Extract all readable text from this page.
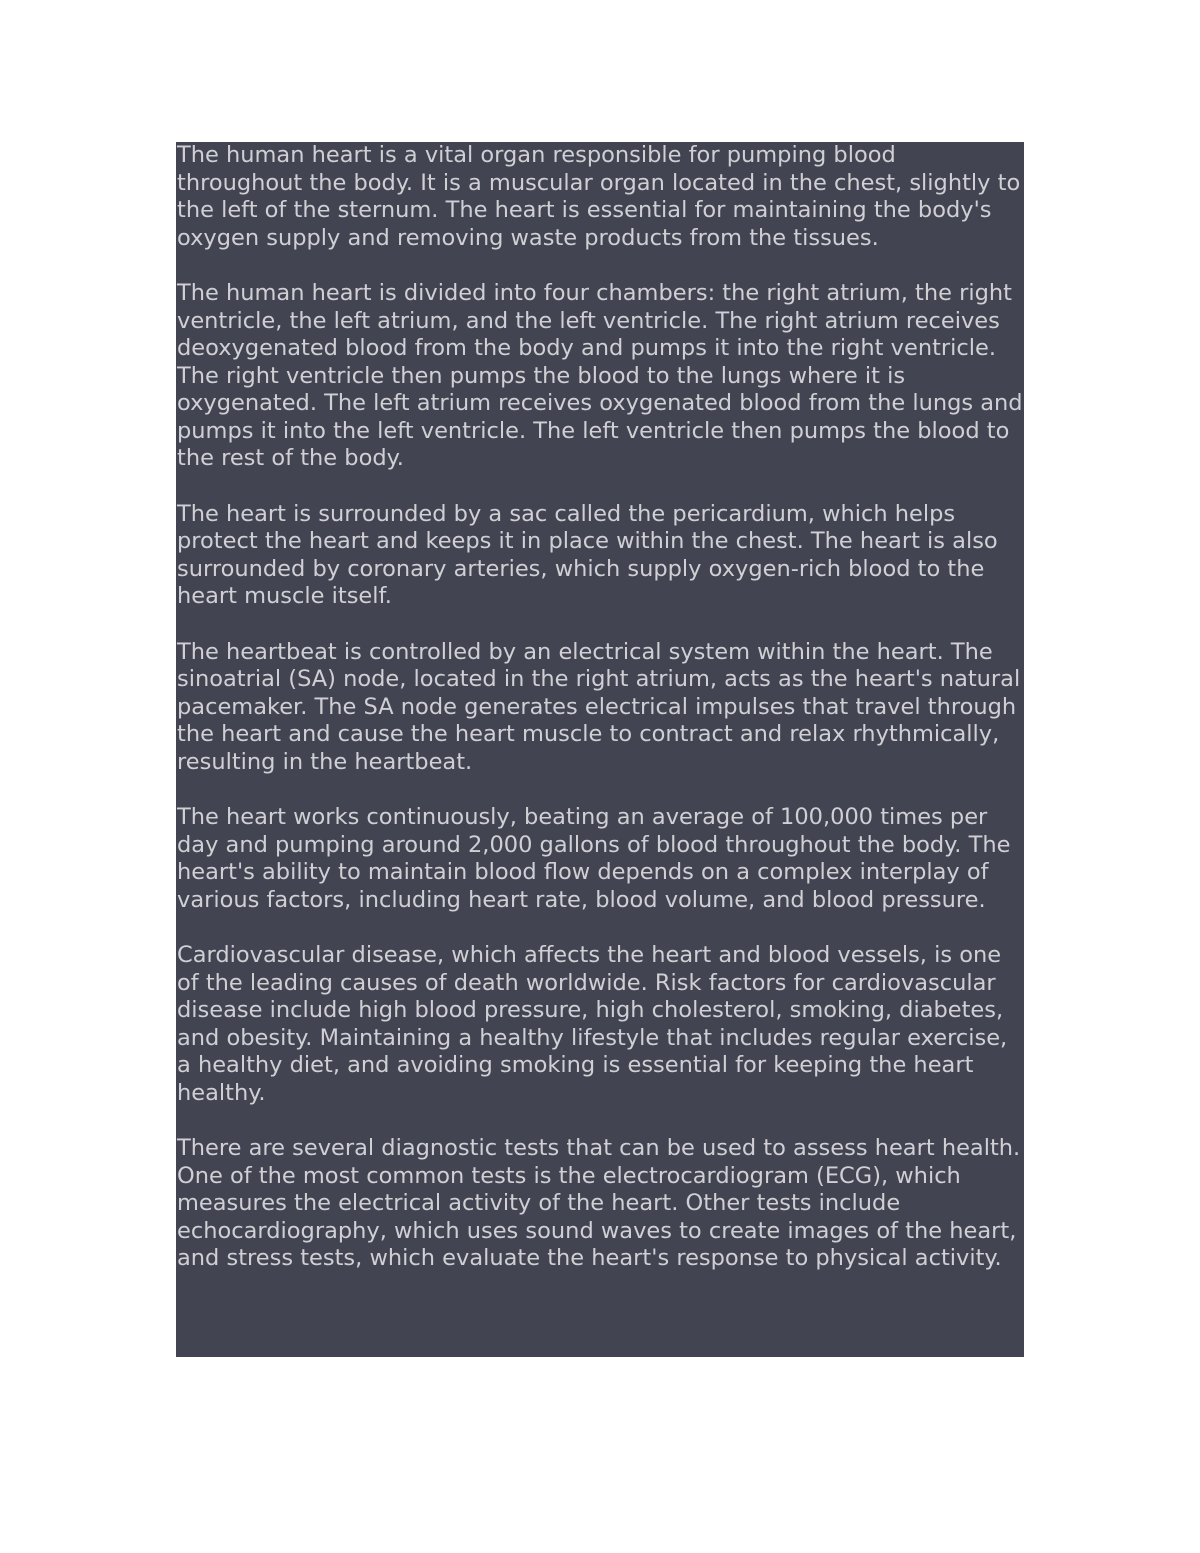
The human heart is a vital organ responsible for pumping blood throughout the body. It is a muscular organ located in the chest, slightly to the left of the sternum. The heart is essential for maintaining the body's oxygen supply and removing waste products from the tissues.

The human heart is divided into four chambers: the right atrium, the right ventricle, the left atrium, and the left ventricle. The right atrium receives deoxygenated blood from the body and pumps it into the right ventricle. The right ventricle then pumps the blood to the lungs where it is oxygenated. The left atrium receives oxygenated blood from the lungs and pumps it into the left ventricle. The left ventricle then pumps the blood to the rest of the body.

The heart is surrounded by a sac called the pericardium, which helps protect the heart and keeps it in place within the chest. The heart is also surrounded by coronary arteries, which supply oxygen-rich blood to the heart muscle itself.

The heartbeat is controlled by an electrical system within the heart. The sinoatrial (SA) node, located in the right atrium, acts as the heart's natural pacemaker. The SA node generates electrical impulses that travel through the heart and cause the heart muscle to contract and relax rhythmically, resulting in the heartbeat.

The heart works continuously, beating an average of 100,000 times per day and pumping around 2,000 gallons of blood throughout the body. The heart's ability to maintain blood flow depends on a complex interplay of various factors, including heart rate, blood volume, and blood pressure.

Cardiovascular disease, which affects the heart and blood vessels, is one of the leading causes of death worldwide. Risk factors for cardiovascular disease include high blood pressure, high cholesterol, smoking, diabetes, and obesity. Maintaining a healthy lifestyle that includes regular exercise, a healthy diet, and avoiding smoking is essential for keeping the heart healthy.

There are several diagnostic tests that can be used to assess heart health. One of the most common tests is the electrocardiogram (ECG), which measures the electrical activity of the heart. Other tests include echocardiography, which uses sound waves to create images of the heart, and stress tests, which evaluate the heart's response to physical activity.
